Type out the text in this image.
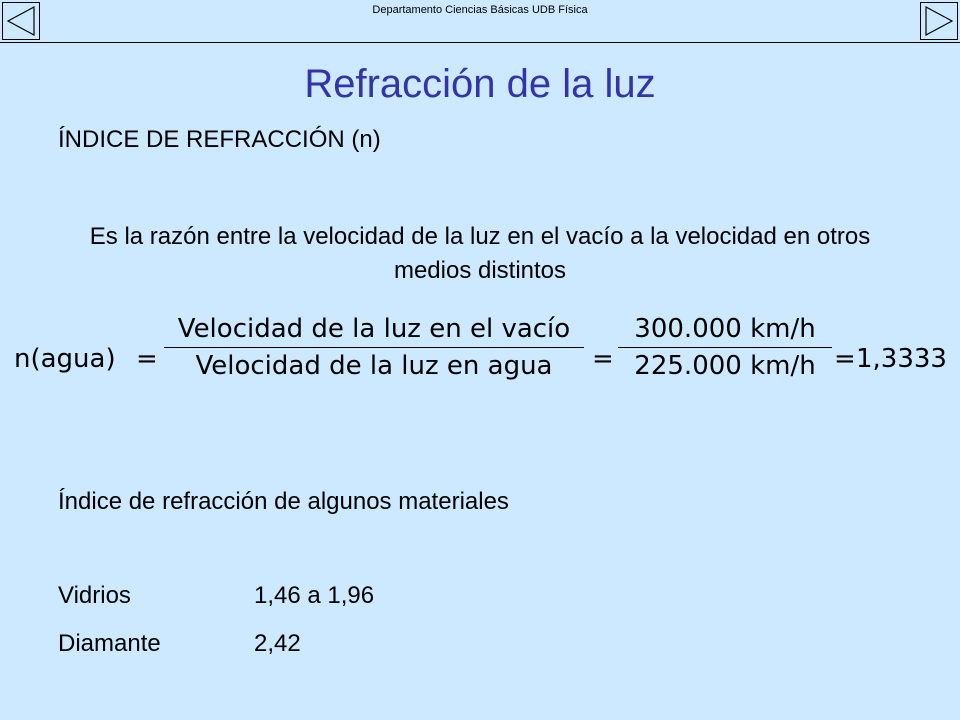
Departamento Ciencias Básicas UDB Física
Refracción de la luz
ÍNDICE DE REFRACCIÓN (n)
Es la razón entre la velocidad de la luz en el vacío a la velocidad en otros medios distintos
n(agua) =
Velocidad de la luz en el vacío
Velocidad de la luz en agua	=
300.000 km/h
225.000 km/h = 1,3333
Índice de refracción de algunos materiales
Vidrios	1,46 a 1,96
Diamante	2,42
